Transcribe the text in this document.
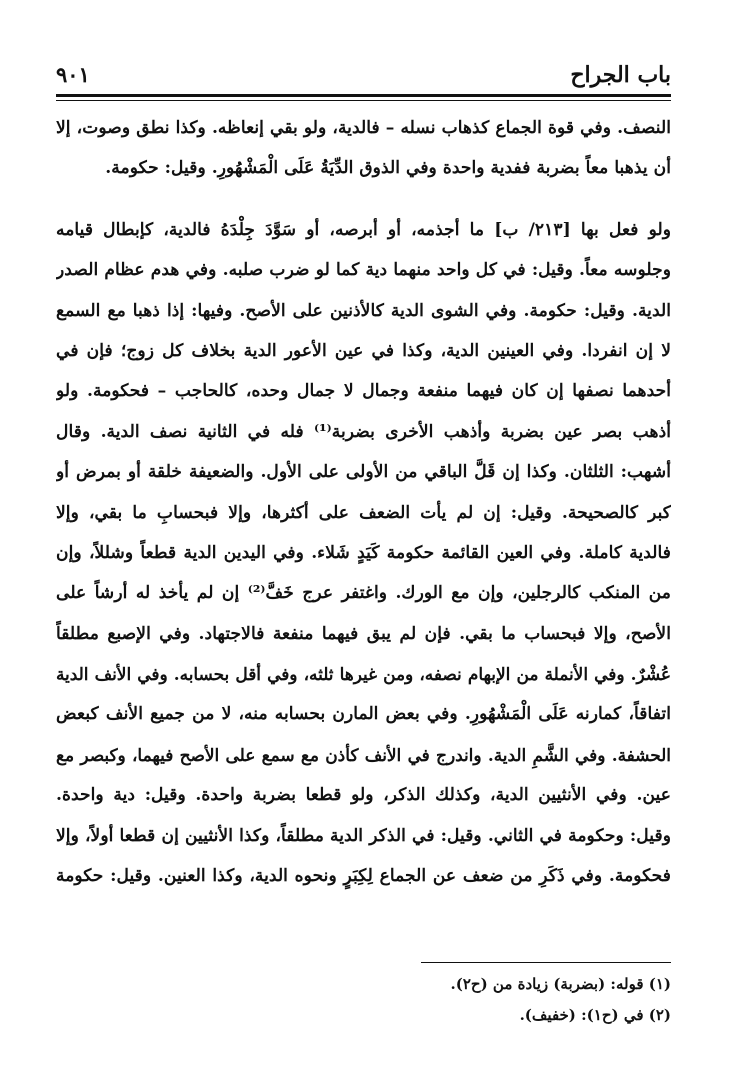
باب الجراح
٩٠١
النصف. وفي قوة الجماع كذهاب نسله – فالدية، ولو بقي إنعاظه. وكذا نطق وصوت، إلا
أن يذهبا معاً بضربة ففدية واحدة وفي الذوق الدِّيَةُ عَلَى الْمَشْهُورِ. وقيل: حكومة.
ولو فعل بها [٢١٣/ ب] ما أجذمه، أو أبرصه، أو سَوَّدَ جِلْدَهُ فالدية، كإبطال قيامه
وجلوسه معاً. وقيل: في كل واحد منهما دية كما لو ضرب صلبه. وفي هدم عظام الصدر
الدية. وقيل: حكومة. وفي الشوى الدية كالأذنين على الأصح. وفيها: إذا ذهبا مع السمع
لا إن انفردا. وفي العينين الدية، وكذا في عين الأعور الدية بخلاف كل زوج؛ فإن في
أحدهما نصفها إن كان فيهما منفعة وجمال لا جمال وحده، كالحاجب – فحكومة. ولو
أذهب بصر عين بضربة وأذهب الأخرى بضربة⁽¹⁾ فله في الثانية نصف الدية. وقال
أشهب: الثلثان. وكذا إن قَلَّ الباقي من الأولى على الأول. والضعيفة خلقة أو بمرض أو
كبر كالصحيحة. وقيل: إن لم يأت الضعف على أكثرها، وإلا فبحسابِ ما بقي، وإلا
فالدية كاملة. وفي العين القائمة حكومة كَيَدٍ شَلاء. وفي اليدين الدية قطعاً وشللاً، وإن
من المنكب كالرجلين، وإن مع الورك. واغتفر عرج خَفَّ⁽²⁾ إن لم يأخذ له أرشاً على
الأصح، وإلا فبحساب ما بقي. فإن لم يبق فيهما منفعة فالاجتهاد. وفي الإصبع مطلقاً
عُشْرٌ. وفي الأنملة من الإبهام نصفه، ومن غيرها ثلثه، وفي أقل بحسابه. وفي الأنف الدية
اتفاقاً، كمارنه عَلَى الْمَشْهُورِ. وفي بعض المارن بحسابه منه، لا من جميع الأنف كبعض
الحشفة. وفي الشَّمِ الدية. واندرج في الأنف كأذن مع سمع على الأصح فيهما، وكبصر مع
عين. وفي الأنثيين الدية، وكذلك الذكر، ولو قطعا بضربة واحدة. وقيل: دية واحدة.
وقيل: وحكومة في الثاني. وقيل: في الذكر الدية مطلقاً، وكذا الأنثيين إن قطعا أولاً، وإلا
فحكومة. وفي ذَكَرِ من ضعف عن الجماع لِكِبَرٍ ونحوه الدية، وكذا العنين. وقيل: حكومة
(١) قوله: (بضربة) زيادة من (ح٢).
(٢) في (ح١): (خفيف).
